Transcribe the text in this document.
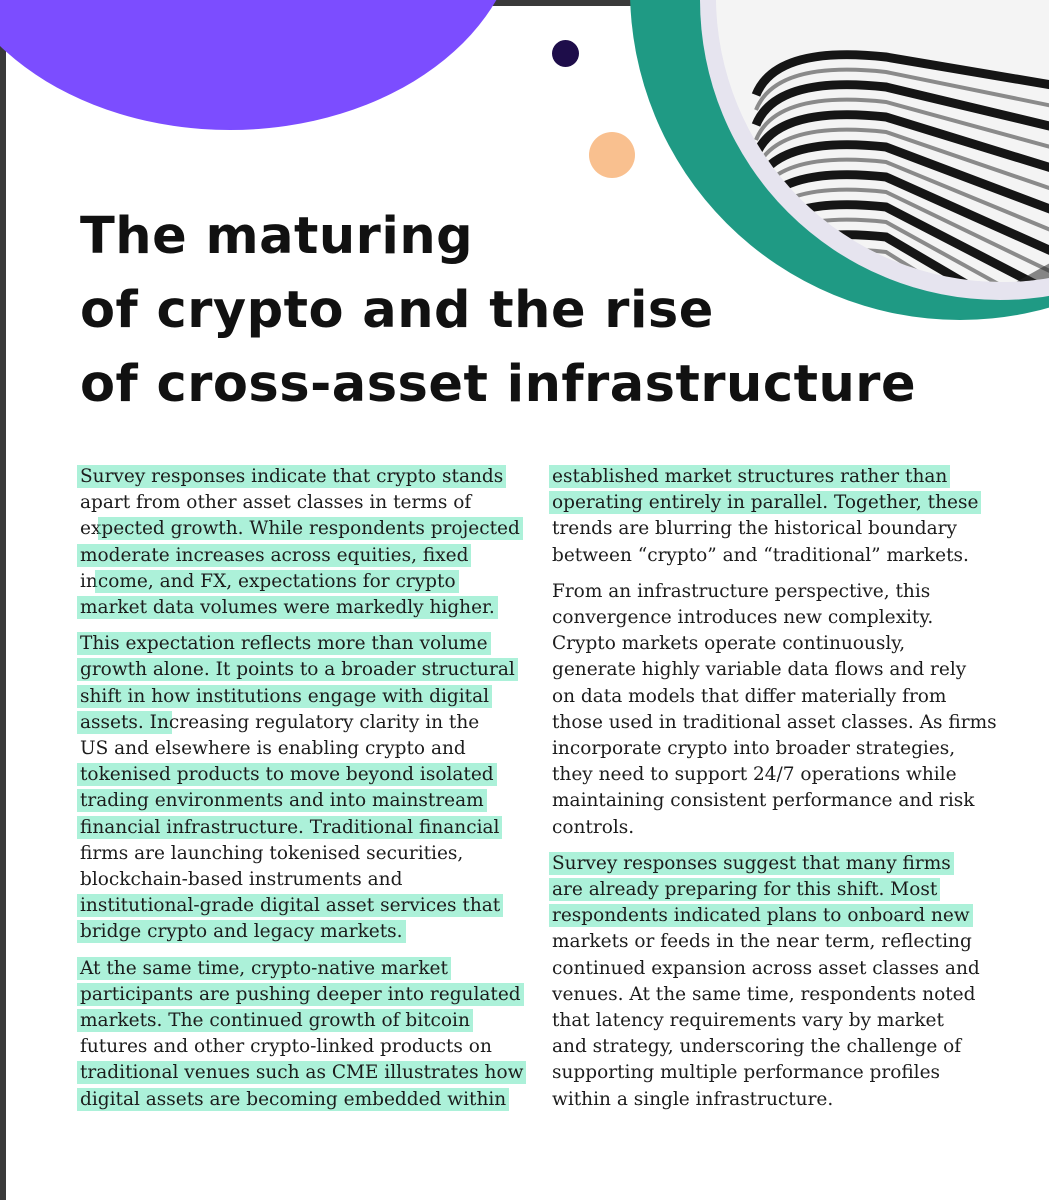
The maturing
of crypto and the rise
of cross-asset infrastructure

Survey responses indicate that crypto stands
apart from other asset classes in terms of
expected growth. While respondents projected
moderate increases across equities, fixed
income, and FX, expectations for crypto
market data volumes were markedly higher.

This expectation reflects more than volume
growth alone. It points to a broader structural
shift in how institutions engage with digital
assets. Increasing regulatory clarity in the
US and elsewhere is enabling crypto and
tokenised products to move beyond isolated
trading environments and into mainstream
financial infrastructure. Traditional financial
firms are launching tokenised securities,
blockchain-based instruments and
institutional-grade digital asset services that
bridge crypto and legacy markets.

At the same time, crypto-native market
participants are pushing deeper into regulated
markets. The continued growth of bitcoin
futures and other crypto-linked products on
traditional venues such as CME illustrates how
digital assets are becoming embedded within

established market structures rather than
operating entirely in parallel. Together, these
trends are blurring the historical boundary
between “crypto” and “traditional” markets.

From an infrastructure perspective, this
convergence introduces new complexity.
Crypto markets operate continuously,
generate highly variable data flows and rely
on data models that differ materially from
those used in traditional asset classes. As firms
incorporate crypto into broader strategies,
they need to support 24/7 operations while
maintaining consistent performance and risk
controls.

Survey responses suggest that many firms
are already preparing for this shift. Most
respondents indicated plans to onboard new
markets or feeds in the near term, reflecting
continued expansion across asset classes and
venues. At the same time, respondents noted
that latency requirements vary by market
and strategy, underscoring the challenge of
supporting multiple performance profiles
within a single infrastructure.
